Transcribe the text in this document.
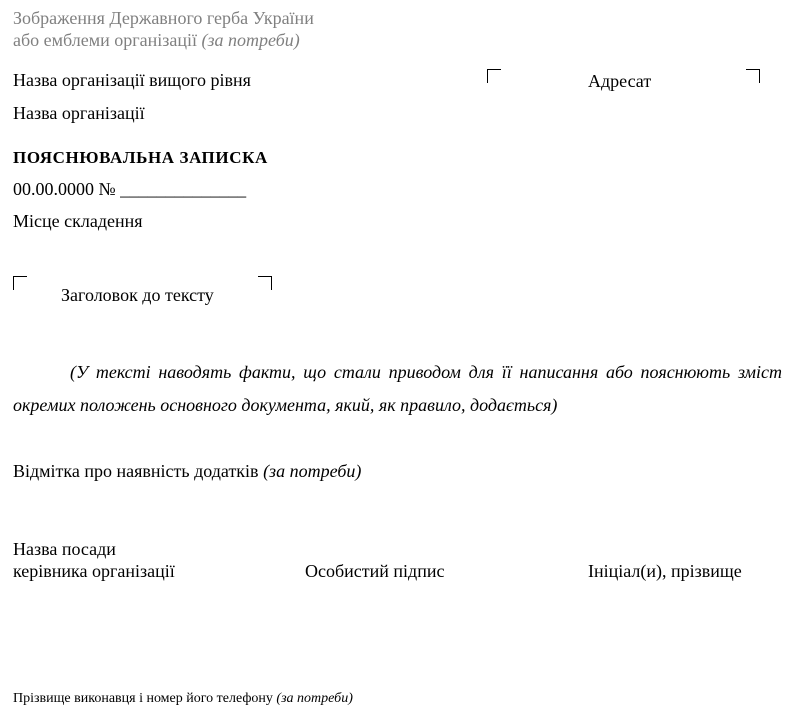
Зображення Державного герба України
або емблеми організації (за потреби)
Назва організації вищого рівня
Назва організації
Адресат
ПОЯСНЮВАЛЬНА ЗАПИСКА
00.00.0000 № ______________
Місце складення
Заголовок до тексту
(У тексті наводять факти, що стали приводом для її написання або пояснюють зміст окремих положень основного документа, який, як правило, додається)
Відмітка про наявність додатків (за потреби)
Назва посади
керівника організації	Особистий підпис	Ініціал(и), прізвище
Прізвище виконавця і номер його телефону (за потреби)
